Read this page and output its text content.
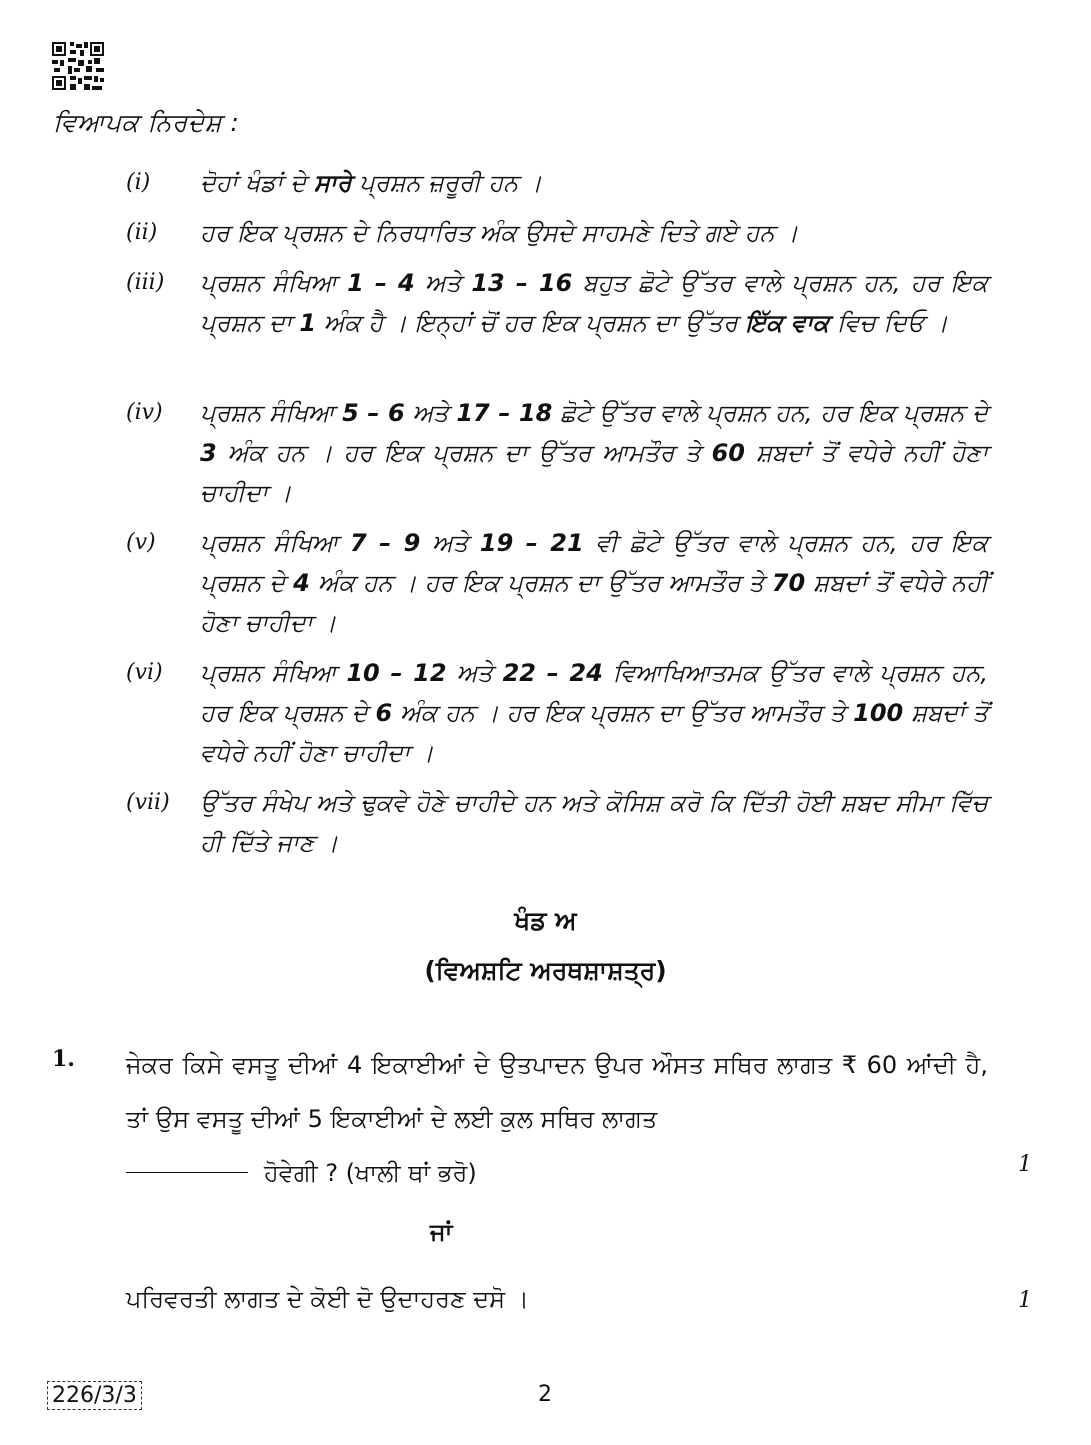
ਵਿਆਪਕ ਨਿਰਦੇਸ਼ :
(i) ਦੋਹਾਂ ਖੰਡਾਂ ਦੇ ਸਾਰੇ ਪ੍ਰਸ਼ਨ ਜ਼ਰੂਰੀ ਹਨ ।
(ii) ਹਰ ਇਕ ਪ੍ਰਸ਼ਨ ਦੇ ਨਿਰਧਾਰਿਤ ਅੰਕ ਉਸਦੇ ਸਾਹਮਣੇ ਦਿਤੇ ਗਏ ਹਨ ।
(iii) ਪ੍ਰਸ਼ਨ ਸੰਖਿਆ 1 – 4 ਅਤੇ 13 – 16 ਬਹੁਤ ਛੋਟੇ ਉੱਤਰ ਵਾਲੇ ਪ੍ਰਸ਼ਨ ਹਨ, ਹਰ ਇਕ ਪ੍ਰਸ਼ਨ ਦਾ 1 ਅੰਕ ਹੈ । ਇਨ੍ਹਾਂ ਚੋਂ ਹਰ ਇਕ ਪ੍ਰਸ਼ਨ ਦਾ ਉੱਤਰ ਇੱਕ ਵਾਕ ਵਿਚ ਦਿਓ ।
(iv) ਪ੍ਰਸ਼ਨ ਸੰਖਿਆ 5 – 6 ਅਤੇ 17 – 18 ਛੋਟੇ ਉੱਤਰ ਵਾਲੇ ਪ੍ਰਸ਼ਨ ਹਨ, ਹਰ ਇਕ ਪ੍ਰਸ਼ਨ ਦੇ 3 ਅੰਕ ਹਨ । ਹਰ ਇਕ ਪ੍ਰਸ਼ਨ ਦਾ ਉੱਤਰ ਆਮਤੌਰ ਤੇ 60 ਸ਼ਬਦਾਂ ਤੋਂ ਵਧੇਰੇ ਨਹੀਂ ਹੋਣਾ ਚਾਹੀਦਾ ।
(v) ਪ੍ਰਸ਼ਨ ਸੰਖਿਆ 7 – 9 ਅਤੇ 19 – 21 ਵੀ ਛੋਟੇ ਉੱਤਰ ਵਾਲੇ ਪ੍ਰਸ਼ਨ ਹਨ, ਹਰ ਇਕ ਪ੍ਰਸ਼ਨ ਦੇ 4 ਅੰਕ ਹਨ । ਹਰ ਇਕ ਪ੍ਰਸ਼ਨ ਦਾ ਉੱਤਰ ਆਮਤੌਰ ਤੇ 70 ਸ਼ਬਦਾਂ ਤੋਂ ਵਧੇਰੇ ਨਹੀਂ ਹੋਣਾ ਚਾਹੀਦਾ ।
(vi) ਪ੍ਰਸ਼ਨ ਸੰਖਿਆ 10 – 12 ਅਤੇ 22 – 24 ਵਿਆਖਿਆਤਮਕ ਉੱਤਰ ਵਾਲੇ ਪ੍ਰਸ਼ਨ ਹਨ, ਹਰ ਇਕ ਪ੍ਰਸ਼ਨ ਦੇ 6 ਅੰਕ ਹਨ । ਹਰ ਇਕ ਪ੍ਰਸ਼ਨ ਦਾ ਉੱਤਰ ਆਮਤੌਰ ਤੇ 100 ਸ਼ਬਦਾਂ ਤੋਂ ਵਧੇਰੇ ਨਹੀਂ ਹੋਣਾ ਚਾਹੀਦਾ ।
(vii) ਉੱਤਰ ਸੰਖੇਪ ਅਤੇ ਢੁਕਵੇ ਹੋਣੇ ਚਾਹੀਦੇ ਹਨ ਅਤੇ ਕੋਸਿਸ਼ ਕਰੋ ਕਿ ਦਿੱਤੀ ਹੋਈ ਸ਼ਬਦ ਸੀਮਾ ਵਿੱਚ ਹੀ ਦਿੱਤੇ ਜਾਣ ।
ਖੰਡ ਅ
(ਵਿਅਸ਼ਟਿ ਅਰਥਸ਼ਾਸ਼ਤ੍ਰ)
1. ਜੇਕਰ ਕਿਸੇ ਵਸਤੂ ਦੀਆਂ 4 ਇਕਾਈਆਂ ਦੇ ਉਤਪਾਦਨ ਉਪਰ ਔਸਤ ਸਥਿਰ ਲਾਗਤ ₹ 60 ਆਂਦੀ ਹੈ, ਤਾਂ ਉਸ ਵਸਤੂ ਦੀਆਂ 5 ਇਕਾਈਆਂ ਦੇ ਲਈ ਕੁਲ ਸਥਿਰ ਲਾਗਤ
ਹੋਵੇਗੀ ? (ਖਾਲੀ ਥਾਂ ਭਰੋ)	1
ਜਾਂ
ਪਰਿਵਰਤੀ ਲਾਗਤ ਦੇ ਕੋਈ ਦੋ ਉਦਾਹਰਣ ਦਸੋ ।	1
226/3/3	2
